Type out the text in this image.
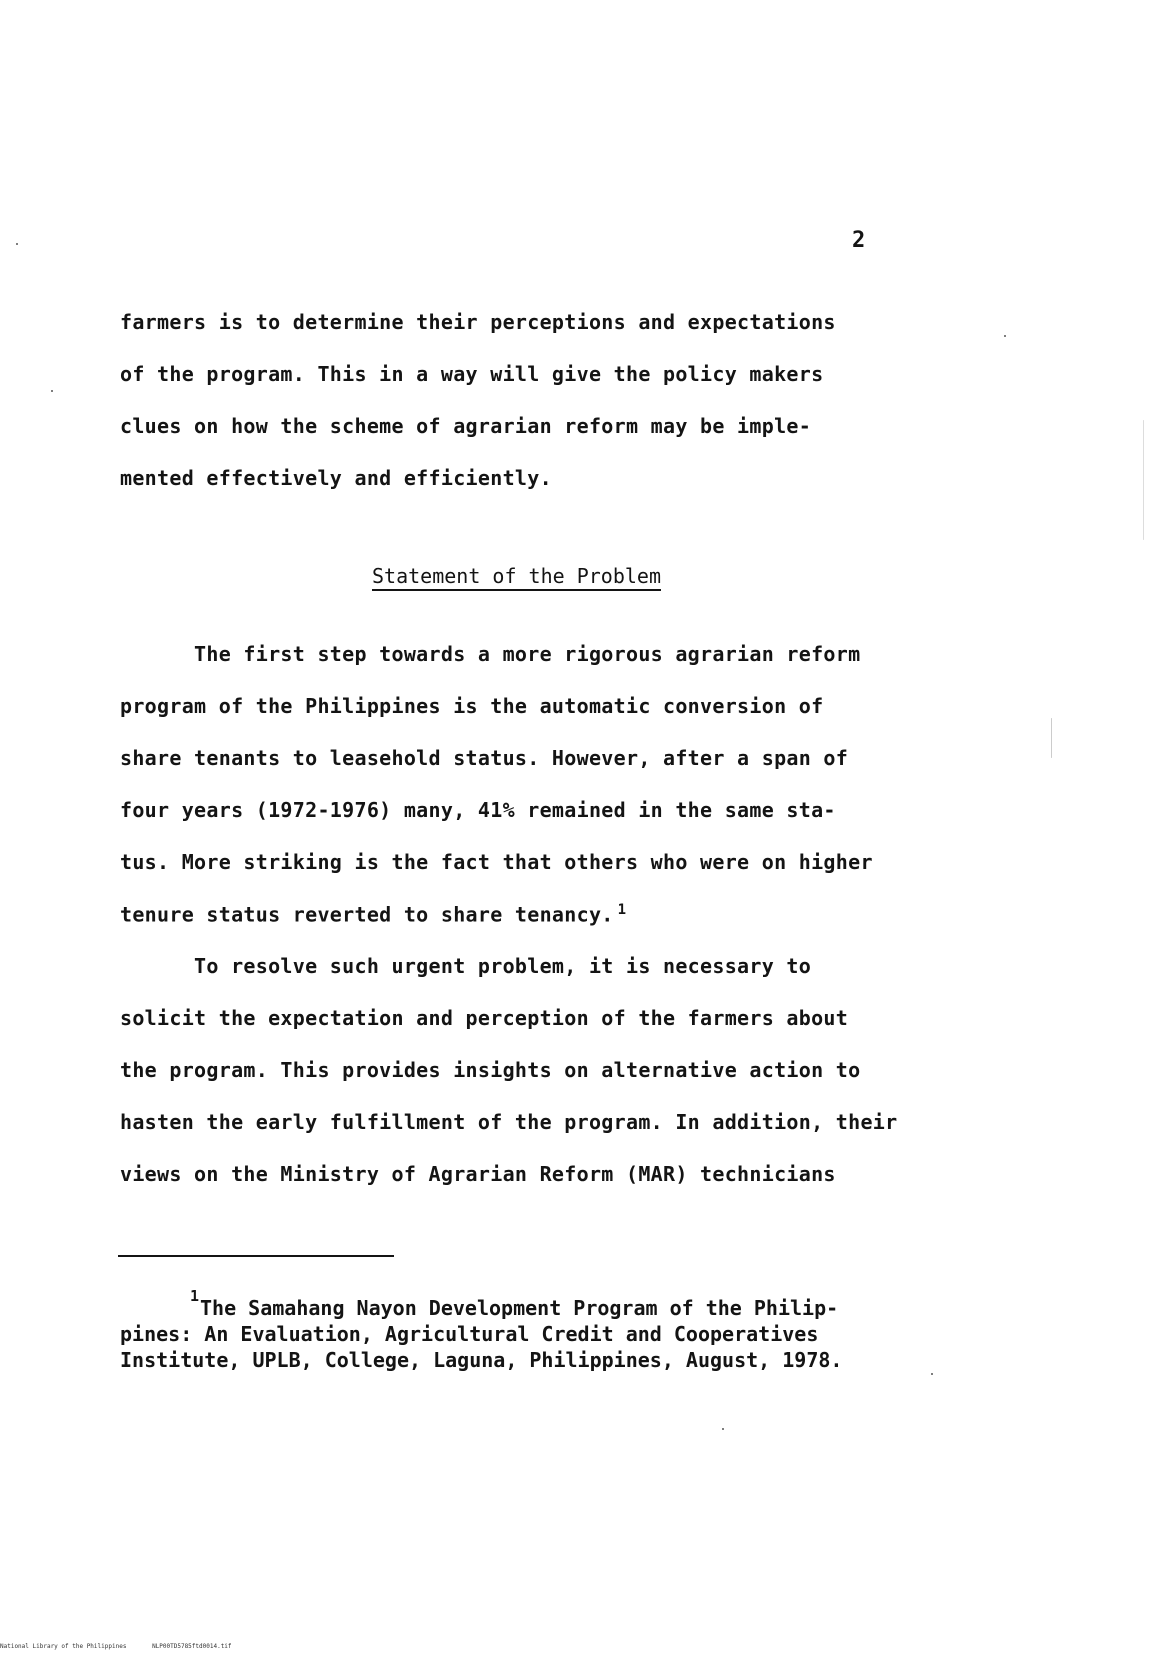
2
farmers is to determine their perceptions and expectations
of the program. This in a way will give the policy makers
clues on how the scheme of agrarian reform may be imple-
mented effectively and efficiently.
Statement of the Problem
The first step towards a more rigorous agrarian reform
program of the Philippines is the automatic conversion of
share tenants to leasehold status. However, after a span of
four years (1972-1976) many, 41% remained in the same sta-
tus. More striking is the fact that others who were on higher
tenure status reverted to share tenancy. $^1$
To resolve such urgent problem, it is necessary to
solicit the expectation and perception of the farmers about
the program. This provides insights on alternative action to
hasten the early fulfillment of the program. In addition, their
views on the Ministry of Agrarian Reform (MAR) technicians
1 The Samahang Nayon Development Program of the Philip-
pines: An Evaluation, Agricultural Credit and Cooperatives
Institute, UPLB, College, Laguna, Philippines, August, 1978.
National Library of the Philippines	NLP00TD5785ftd0014.tif
